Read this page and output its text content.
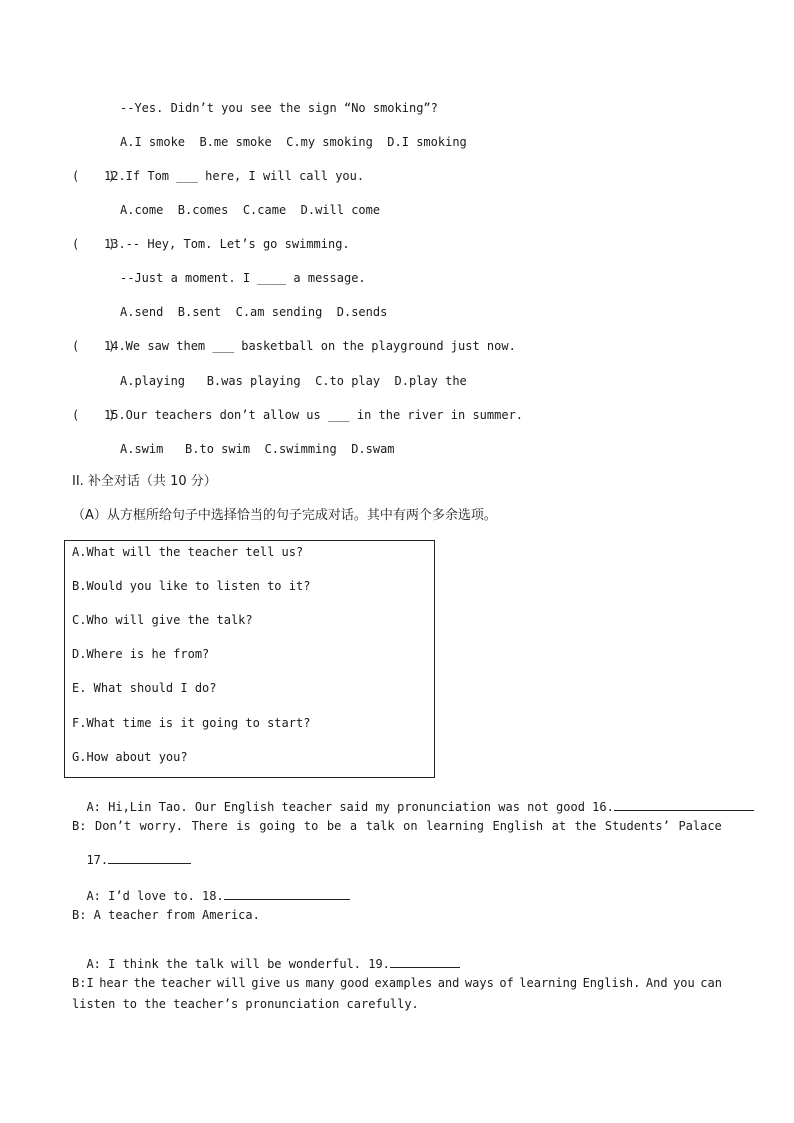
--Yes. Didn’t you see the sign “No smoking”?
A.I smoke  B.me smoke  C.my smoking  D.I smoking
(    )
12.If Tom ___ here, I will call you.
A.come  B.comes  C.came  D.will come
(    )
13.-- Hey, Tom. Let’s go swimming.
--Just a moment. I ____ a message.
A.send  B.sent  C.am sending  D.sends
(    )
14.We saw them ___ basketball on the playground just now.
A.playing   B.was playing  C.to play  D.play the
(    )
15.Our teachers don’t allow us ___ in the river in summer.
A.swim   B.to swim  C.swimming  D.swam
II. 补全对话（共 10 分）
（A）从方框所给句子中选择恰当的句子完成对话。其中有两个多余选项。
A.What will the teacher tell us?
B.Would you like to listen to it?
C.Who will give the talk?
D.Where is he from?
E. What should I do?
F.What time is it going to start?
G.How about you?

A: Hi,Lin Tao. Our English teacher said my pronunciation was not good 16.

B: Don’t worry. There is going to be a talk on learning English at the Students’ Palace

17.

A: I’d love to. 18.

B: A teacher from America.

A: I think the talk will be wonderful. 19.

B:I hear the teacher will give us many good examples and ways of learning English. And you can
listen to the teacher’s pronunciation carefully.
